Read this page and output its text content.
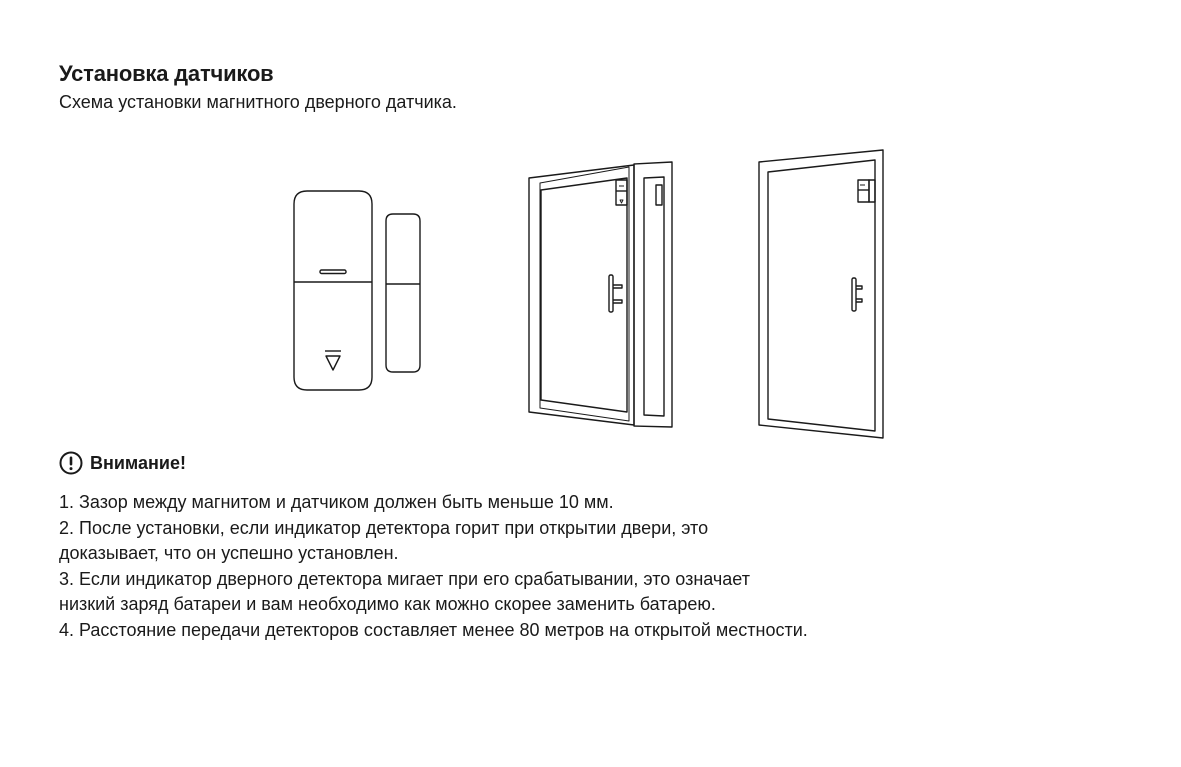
Установка датчиков

Схема установки магнитного дверного датчика.

Внимание!
1. Зазор между магнитом и датчиком должен быть меньше 10 мм.
2. После установки, если индикатор детектора горит при открытии двери, это
доказывает, что он успешно установлен.
3. Если индикатор дверного детектора мигает при его срабатывании, это означает
низкий заряд батареи и вам необходимо как можно скорее заменить батарею.
4. Расстояние передачи детекторов составляет менее 80 метров на открытой местности.
